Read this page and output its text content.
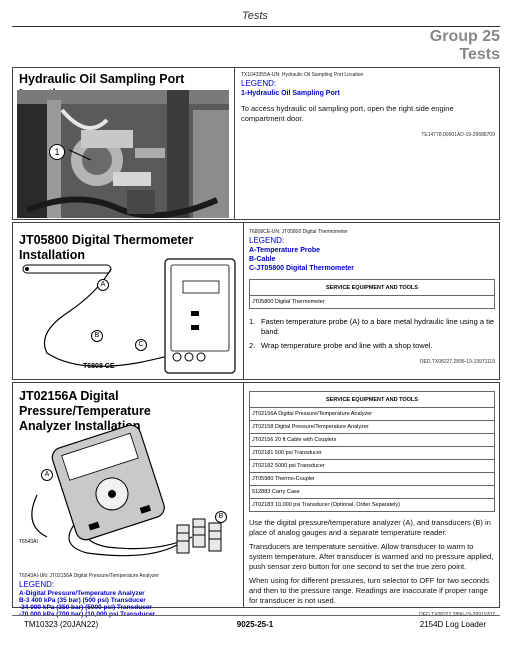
Tests
Group 25
Tests
Hydraulic Oil Sampling Port
1
TX1043355A-UN: Hydraulic Oil Sampling Port Location
LEGEND:
1-Hydraulic Oil Sampling Port
To access hydraulic oil sampling port, open the right side engine compartment door.
TE14778,00001AD-19-29688709
JT05800 Digital Thermometer Installation
A
B
C
T6808 CE
T6808CE-UN: JT05800 Digital Thermometer
LEGEND:
A-Temperature Probe
B-Cable
C-JT05800 Digital Thermometer
SERVICE EQUIPMENT AND TOOLS
JT05800 Digital Thermometer
1. Fasten temperature probe (A) to a bare metal hydraulic line using a tie band.
2. Wrap temperature probe and line with a shop towel.
OED,TX08227,2895-19-19971119
JT02156A Digital Pressure/Temperature
Analyzer Installation
A
B
T6543AI
T6543AI-UN: JT02156A Digital Pressure/Temperature Analyzer
LEGEND:
A-Digital Pressure/Temperature Analyzer
B-3 400 kPa (35 bar) (500 psi) Transducer
-34 000 kPa (350 bar) (5000 psi) Transducer
SERVICE EQUIPMENT AND TOOLS
JT02156A Digital Pressure/Temperature Analyzer
JT02158 Digital Pressure/Temperature Analyzer
JT02156 20 ft Cable with Couplers
JT02181 500 psi Transducer
JT02182 5000 psi Transducer
JT05980 Thermo-Coupler
512883 Carry Case
JT02183 10,000 psi Transducer (Optional, Order Separately)
Use the digital pressure/temperature analyzer (A), and transducers (B) in place of analog gauges and a separate temperature reader.
Transducers are temperature sensitive. Allow transducer to warm to system temperature. After transducer is warmed and no pressure applied, push sensor zero button for one second to set the true zero point.
When using for different pressures, turn selector to OFF for two seconds and then to the pressure range. Readings are inaccurate if proper range for transducer is not used.
TM10323 (20JAN22)	9025-25-1	2154D Log Loader
